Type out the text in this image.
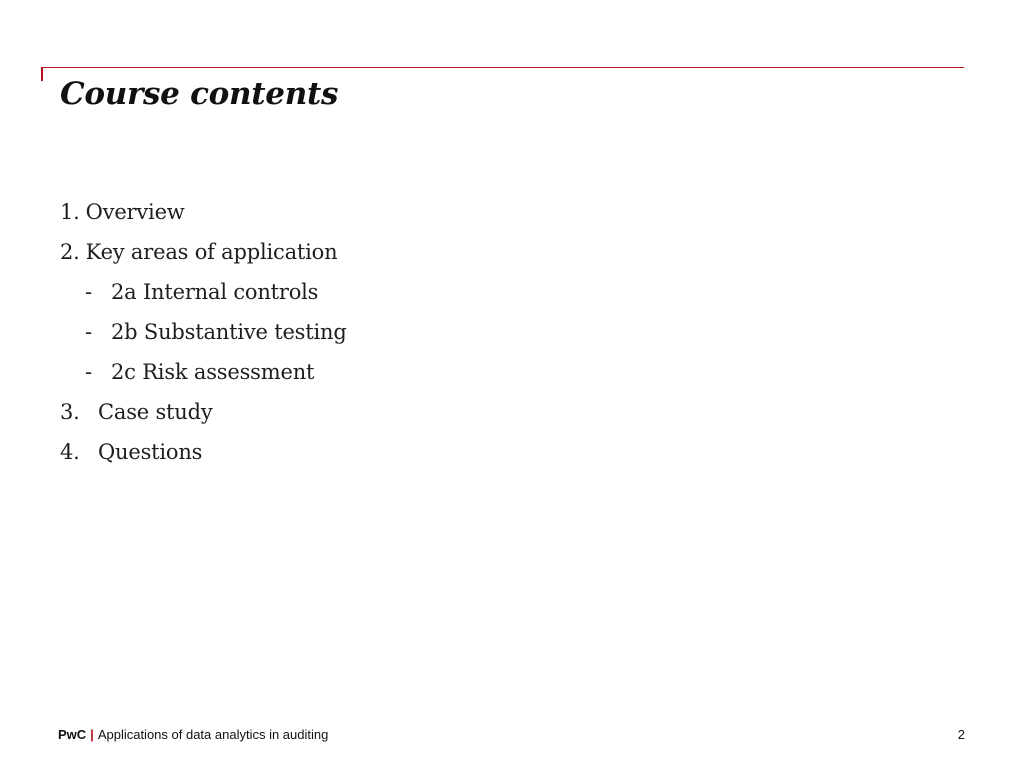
Course contents
1. Overview
2. Key areas of application
- 2a Internal controls
- 2b Substantive testing
- 2c Risk assessment
3. Case study
4. Questions
PwC | Applications of data analytics in auditing	2
